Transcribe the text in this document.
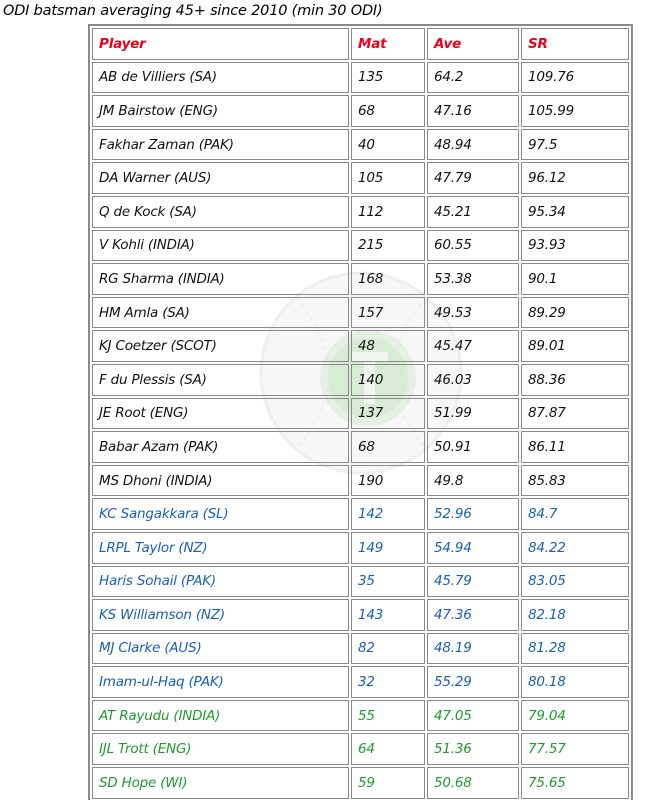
ODI batsman averaging 45+ since 2010 (min 30 ODI)
Player	Mat	Ave	SR
AB de Villiers (SA)	135	64.2	109.76
JM Bairstow (ENG)	68	47.16	105.99
Fakhar Zaman (PAK)	40	48.94	97.5
DA Warner (AUS)	105	47.79	96.12
Q de Kock (SA)	112	45.21	95.34
V Kohli (INDIA)	215	60.55	93.93
RG Sharma (INDIA)	168	53.38	90.1
HM Amla (SA)	157	49.53	89.29
KJ Coetzer (SCOT)	48	45.47	89.01
F du Plessis (SA)	140	46.03	88.36
JE Root (ENG)	137	51.99	87.87
Babar Azam (PAK)	68	50.91	86.11
MS Dhoni (INDIA)	190	49.8	85.83
KC Sangakkara (SL)	142	52.96	84.7
LRPL Taylor (NZ)	149	54.94	84.22
Haris Sohail (PAK)	35	45.79	83.05
KS Williamson (NZ)	143	47.36	82.18
MJ Clarke (AUS)	82	48.19	81.28
Imam-ul-Haq (PAK)	32	55.29	80.18
AT Rayudu (INDIA)	55	47.05	79.04
IJL Trott (ENG)	64	51.36	77.57
SD Hope (WI)	59	50.68	75.65
